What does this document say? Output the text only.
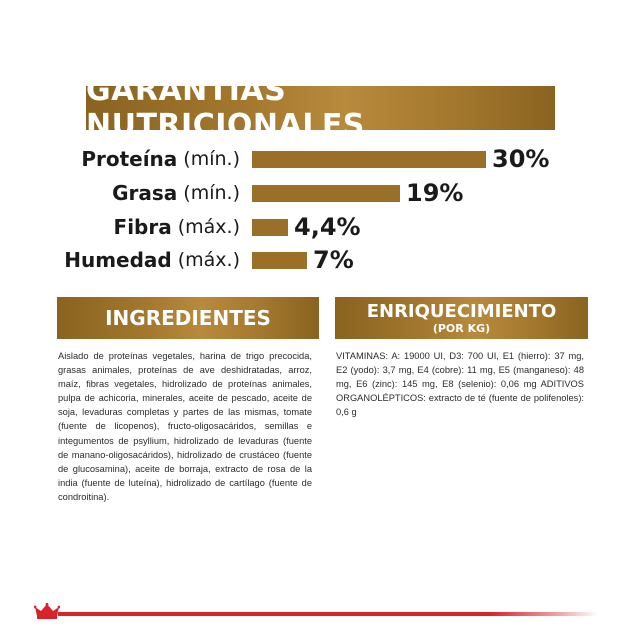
GARANTÍAS NUTRICIONALES
Proteína (mín.)	30%
Grasa (mín.)	19%
Fibra (máx.) 4,4%
Humedad (máx.)	7%
INGREDIENTES	ENRIQUECIMIENTO
(POR KG)
Aislado de proteínas vegetales, harina de trigo precocida, grasas animales, proteínas de ave deshidratadas, arroz, maíz, fibras vegetales, hidrolizado de proteínas animales, pulpa de achicoria, minerales, aceite de pescado, aceite de soja, levaduras completas y partes de las mismas, tomate (fuente de licopenos), fructo-oligosacáridos, semillas e integumentos de psyllium, hidrolizado de levaduras (fuente de manano-oligosacáridos), hidrolizado de crustáceo (fuente de glucosamina), aceite de borraja, extracto de rosa de la india (fuente de luteína), hidrolizado de cartílago (fuente de condroitina).
VITAMINAS: A: 19000 UI, D3: 700 UI, E1 (hierro): 37 mg, E2 (yodo): 3,7 mg, E4 (cobre): 11 mg, E5 (manganeso): 48 mg, E6 (zinc): 145 mg, E8 (selenio): 0,06 mg ADITIVOS ORGANOLÉPTICOS: extracto de té (fuente de polifenoles): 0,6 g
